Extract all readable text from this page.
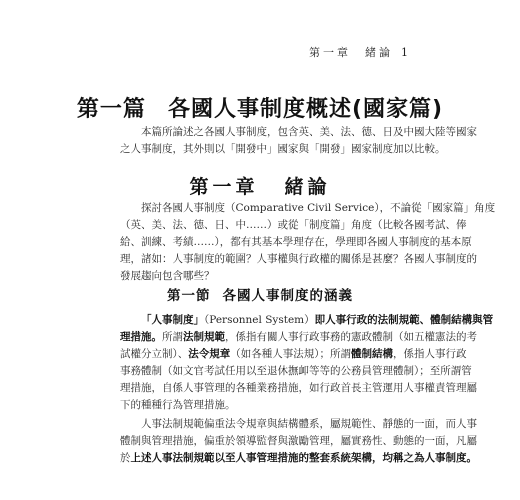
第一章　緒論 1
第一篇 各國人事制度概述(國家篇)

本篇所論述之各國人事制度，包含英、美、法、德、日及中國大陸等國家
之人事制度，其外則以「開發中」國家與「開發」國家制度加以比較。

第一章 緒論

探討各國人事制度（Comparative Civil Service），不論從「國家篇」角度
（英、美、法、德、日、中……）或從「制度篇」角度（比較各國考試、俸
給、訓練、考績……），都有其基本學理存在，學理即各國人事制度的基本原
理，諸如：人事制度的範圍？人事權與行政權的關係是甚麼？各國人事制度的
發展趨向包含哪些？

第一節 各國人事制度的涵義

「人事制度」（Personnel System）即人事行政的法制規範、體制結構與管
理措施。所謂法制規範，係指有關人事行政事務的憲政體制（如五權憲法的考
試權分立制）、法令規章（如各種人事法規）；所謂體制結構，係指人事行政
事務體制（如文官考試任用以至退休撫卹等等的公務員管理體制）；至所謂管
理措施，自係人事管理的各種業務措施，如行政首長主管運用人事權責管理屬
下的種種行為管理措施。

人事法制規範偏重法令規章與結構體系，屬規範性、靜態的一面，而人事
體制與管理措施，偏重於領導監督與激勵管理，屬實務性、動態的一面，凡屬
於上述人事法制規範以至人事管理措施的整套系統架構，均稱之為人事制度。
